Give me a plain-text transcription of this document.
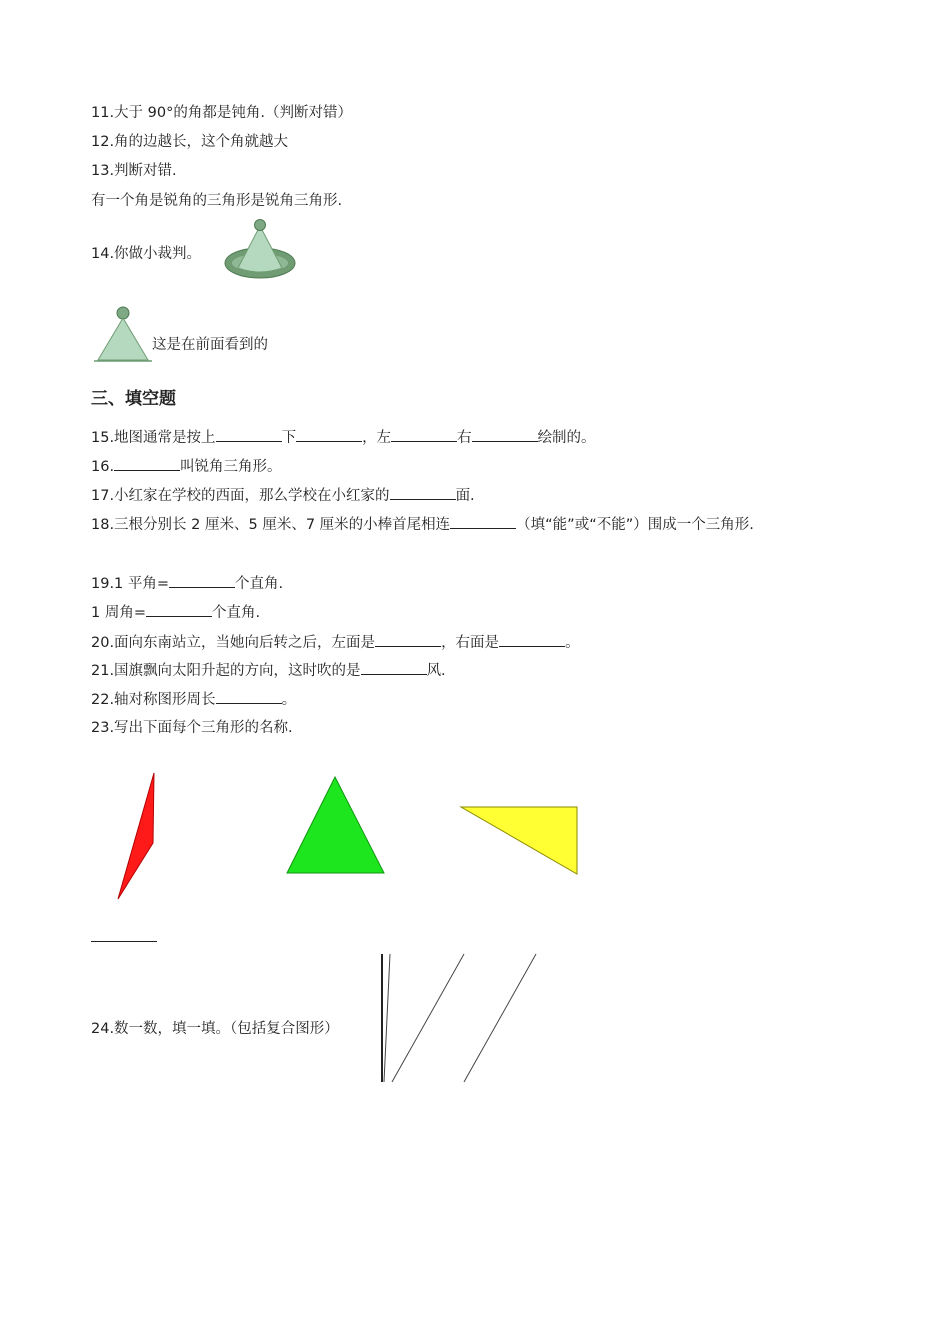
11.大于 90°的角都是钝角.（判断对错）
12.角的边越长，这个角就越大
13.判断对错.
有一个角是锐角的三角形是锐角三角形.
14.你做小裁判。
这是在前面看到的
三、填空题
15.地图通常是按上	下	，左	右	绘制的。
16.	叫锐角三角形。
17.小红家在学校的西面，那么学校在小红家的	面.
18.三根分别长 2 厘米、5 厘米、7 厘米的小棒首尾相连	（填“能”或“不能”）围成一个三角形.
19.1 平角=	个直角.
1 周角=	个直角.
20.面向东南站立，当她向后转之后，左面是	，右面是	。
21.国旗飘向太阳升起的方向，这时吹的是	风.
22.轴对称图形周长	。
23.写出下面每个三角形的名称.
24.数一数，填一填。（包括复合图形）
